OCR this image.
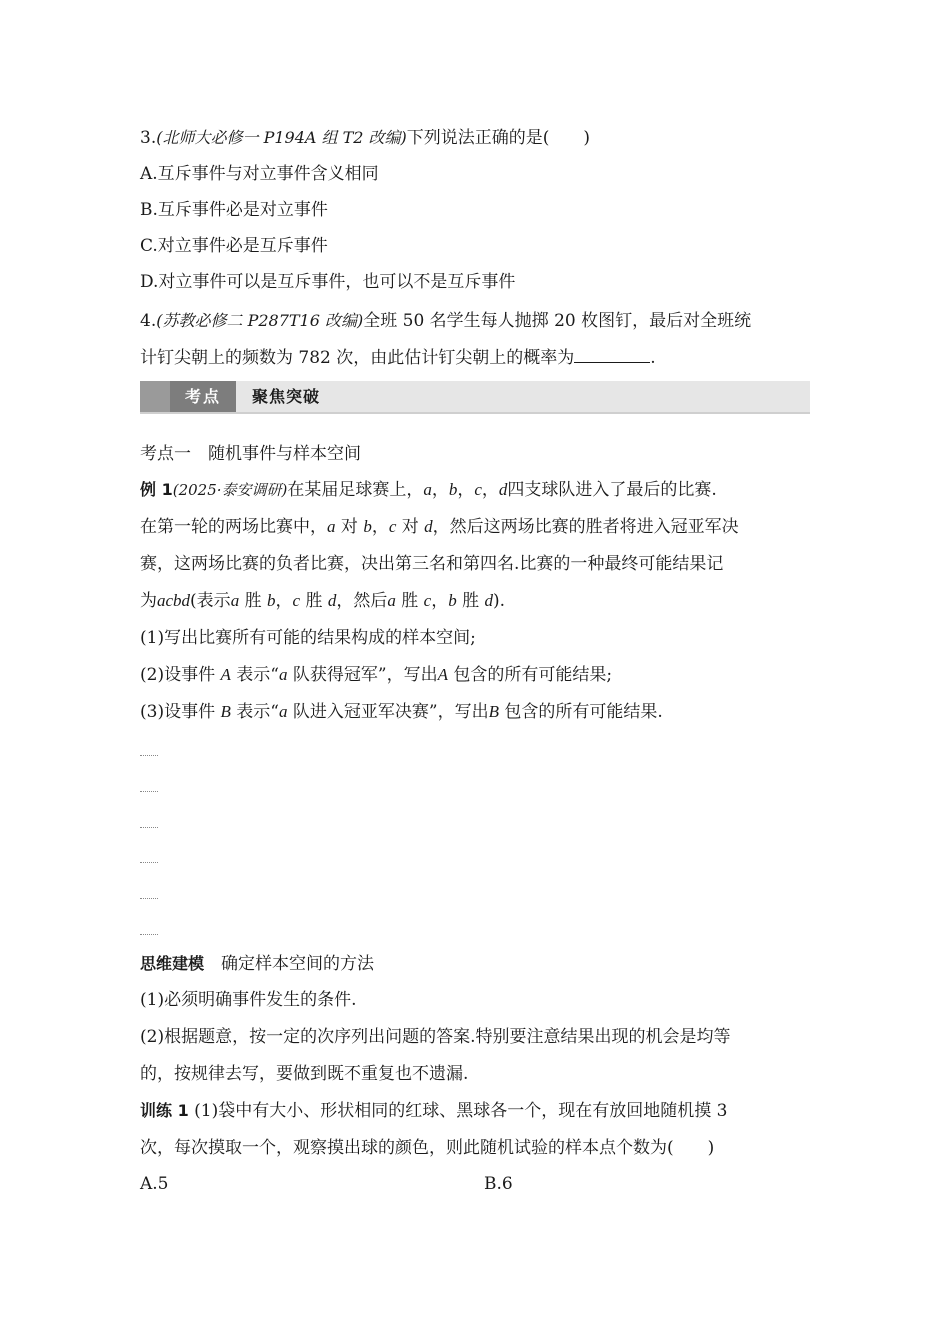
3.(北师大必修一 P194A 组 T2 改编)下列说法正确的是( )
A.互斥事件与对立事件含义相同
B.互斥事件必是对立事件
C.对立事件必是互斥事件
D.对立事件可以是互斥事件，也可以不是互斥事件
4.(苏教必修二 P287T16 改编)全班 50 名学生每人抛掷 20 枚图钉，最后对全班统
计钉尖朝上的频数为 782 次，由此估计钉尖朝上的概率为	.
考点	聚焦突破
考点一　随机事件与样本空间
例 1(2025·泰安调研)在某届足球赛上，a，b，c，d四支球队进入了最后的比赛.
在第一轮的两场比赛中，a 对 b，c 对 d，然后这两场比赛的胜者将进入冠亚军决
赛，这两场比赛的负者比赛，决出第三名和第四名.比赛的一种最终可能结果记
为acbd(表示a 胜 b，c 胜 d，然后a 胜 c，b 胜 d).
(1)写出比赛所有可能的结果构成的样本空间;
(2)设事件 A 表示“a 队获得冠军”，写出A 包含的所有可能结果;
(3)设事件 B 表示“a 队进入冠亚军决赛”，写出B 包含的所有可能结果.
思维建模　 确定样本空间的方法
(1)必须明确事件发生的条件.
(2)根据题意，按一定的次序列出问题的答案.特别要注意结果出现的机会是均等
的，按规律去写，要做到既不重复也不遗漏.
训练 1 (1)袋中有大小、形状相同的红球、黑球各一个，现在有放回地随机摸 3
次，每次摸取一个，观察摸出球的颜色，则此随机试验的样本点个数为( )
A.5	B.6
